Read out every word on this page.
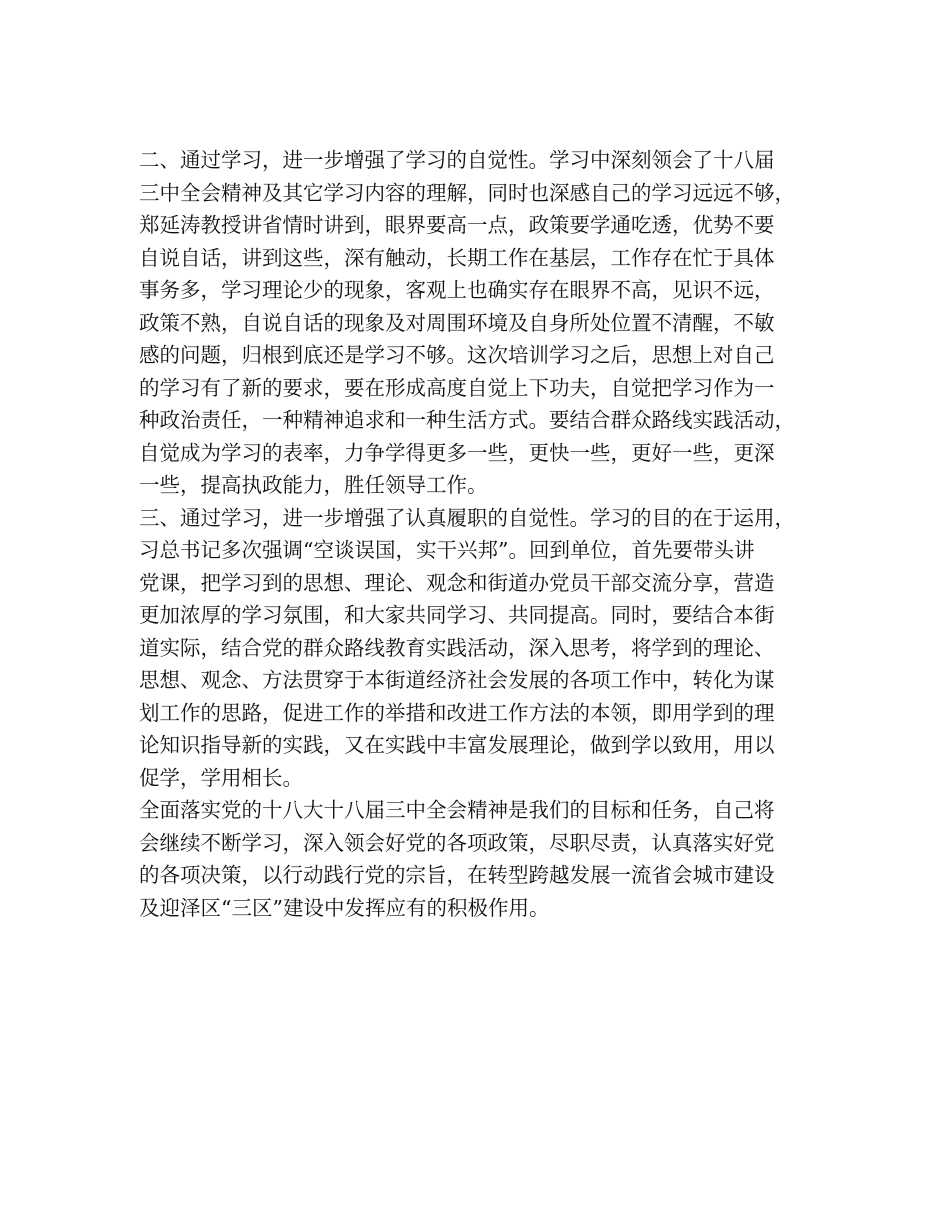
二、通过学习，进一步增强了学习的自觉性。学习中深刻领会了十八届
三中全会精神及其它学习内容的理解，同时也深感自己的学习远远不够，
郑延涛教授讲省情时讲到，眼界要高一点，政策要学通吃透，优势不要
自说自话，讲到这些，深有触动，长期工作在基层，工作存在忙于具体
事务多，学习理论少的现象，客观上也确实存在眼界不高，见识不远，
政策不熟，自说自话的现象及对周围环境及自身所处位置不清醒，不敏
感的问题，归根到底还是学习不够。这次培训学习之后，思想上对自己
的学习有了新的要求，要在形成高度自觉上下功夫，自觉把学习作为一
种政治责任，一种精神追求和一种生活方式。要结合群众路线实践活动，
自觉成为学习的表率，力争学得更多一些，更快一些，更好一些，更深
一些，提高执政能力，胜任领导工作。

三、通过学习，进一步增强了认真履职的自觉性。学习的目的在于运用，
习总书记多次强调“空谈误国，实干兴邦”。回到单位，首先要带头讲
党课，把学习到的思想、理论、观念和街道办党员干部交流分享，营造
更加浓厚的学习氛围，和大家共同学习、共同提高。同时，要结合本街
道实际，结合党的群众路线教育实践活动，深入思考，将学到的理论、
思想、观念、方法贯穿于本街道经济社会发展的各项工作中，转化为谋
划工作的思路，促进工作的举措和改进工作方法的本领，即用学到的理
论知识指导新的实践，又在实践中丰富发展理论，做到学以致用，用以
促学，学用相长。

全面落实党的十八大十八届三中全会精神是我们的目标和任务，自己将
会继续不断学习，深入领会好党的各项政策，尽职尽责，认真落实好党
的各项决策，以行动践行党的宗旨，在转型跨越发展一流省会城市建设
及迎泽区“三区”建设中发挥应有的积极作用。
